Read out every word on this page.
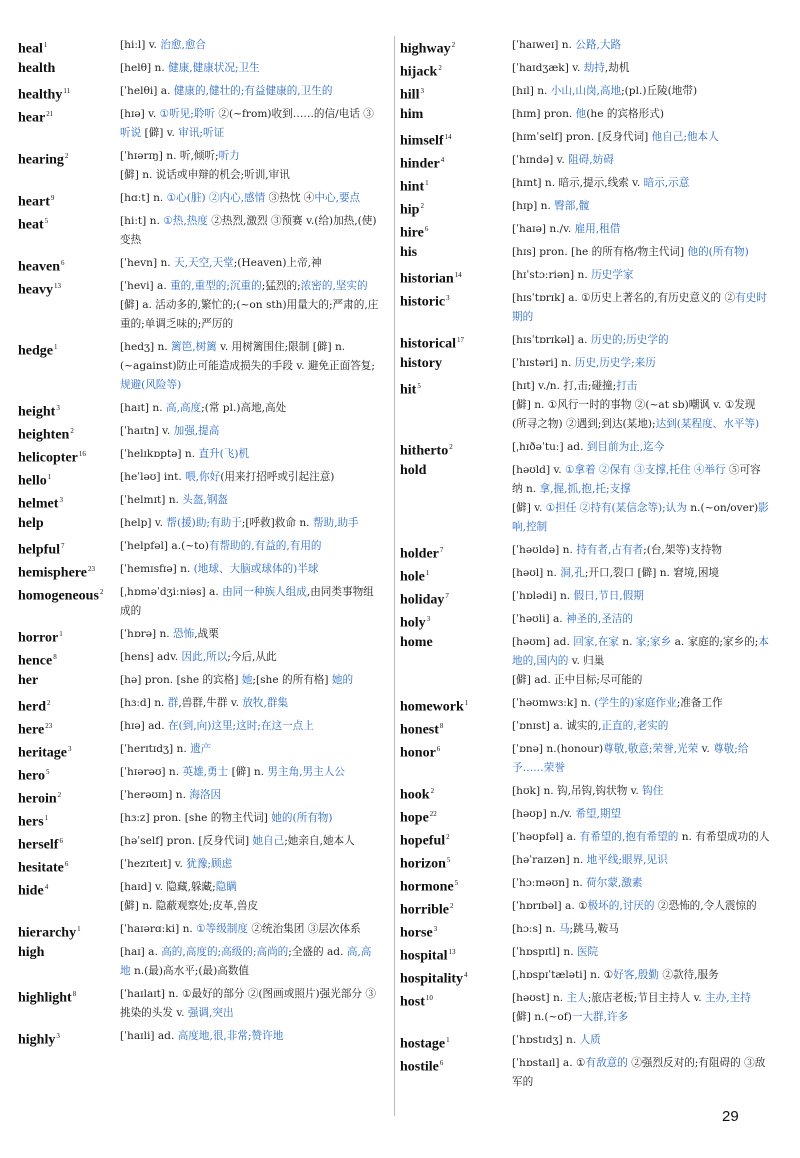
heal$^1$	[hiːl] v. 治愈,愈合
health	[helθ] n. 健康,健康状况;卫生
healthy$^{11}$	[ˈhelθi] a. 健康的,健壮的;有益健康的,卫生的
hear$^{21}$	[hɪə] v. ①听见;聆听 ②(~from)收到……的信/电话 ③听说 [僻] v. 审讯;听证
hearing$^2$	[ˈhɪərɪŋ] n. 听,倾听;听力
[僻] n. 说话或申辩的机会;听训,审讯
heart$^9$	[hɑːt] n. ①心(脏) ②内心,感情 ③热忱 ④中心,要点
heat$^5$	[hiːt] n. ①热,热度 ②热烈,激烈 ③预赛 v.(给)加热,(使)变热
heaven$^6$	[ˈhevn] n. 天,天空,天堂;(Heaven)上帝,神
heavy$^{13}$	[ˈhevi] a. 重的,重型的;沉重的;猛烈的;浓密的,坚实的
[僻] a. 活动多的,繁忙的;(~on sth)用量大的;严肃的,庄重的;单调乏味的;严厉的
hedge$^1$	[hedʒ] n. 篱笆,树篱 v. 用树篱围住;限制 [僻] n.(~against)防止可能造成损失的手段 v. 避免正面答复;规避(风险等)
height$^3$	[haɪt] n. 高,高度;(常 pl.)高地,高处
heighten$^2$	[ˈhaɪtn] v. 加强,提高
helicopter$^{16}$	[ˈhelɪkɒptə] n. 直升(飞)机
hello$^1$	[heˈləʊ] int. 喂,你好(用来打招呼或引起注意)
helmet$^3$	[ˈhelmɪt] n. 头盔,钢盔
help	[help] v. 帮(援)助;有助于;[呼救]救命 n. 帮助,助手
helpful$^7$	[ˈhelpfəl] a.(~to)有帮助的,有益的,有用的
hemisphere$^{23}$	[ˈhemɪsfɪə] n. (地球、大脑或球体的)半球
homogeneous$^2$	[ˌhɒməˈdʒiːniəs] a. 由同一种族人组成,由同类事物组成的
horror$^1$	[ˈhɒrə] n. 恐怖,战栗
hence$^8$	[hens] adv. 因此,所以;今后,从此
her	[hə] pron. [she 的宾格] 她;[she 的所有格] 她的
herd$^2$	[hɜːd] n. 群,兽群,牛群 v. 放牧,群集
here$^{23}$	[hɪə] ad. 在(到,向)这里;这时;在这一点上
heritage$^3$	[ˈherɪtɪdʒ] n. 遗产
hero$^5$	[ˈhɪərəʊ] n. 英雄,勇士 [僻] n. 男主角,男主人公
heroin$^2$	[ˈherəʊɪn] n. 海洛因
hers$^1$	[hɜːz] pron. [she 的物主代词] 她的(所有物)
herself$^6$	[həˈself] pron. [反身代词] 她自己;她亲自,她本人
hesitate$^6$	[ˈhezɪteɪt] v. 犹豫;顾虑
hide$^4$	[haɪd] v. 隐藏,躲藏;隐瞒
[僻] n. 隐蔽观察处;皮革,兽皮
hierarchy$^1$	[ˈhaɪərɑːki] n. ①等级制度 ②统治集团 ③层次体系
high	[haɪ] a. 高的,高度的;高级的;高尚的;全盛的 ad. 高,高地 n.(最)高水平;(最)高数值
highlight$^8$	[ˈhaɪlaɪt] n. ①最好的部分 ②(图画或照片)强光部分 ③挑染的头发 v. 强调,突出
highly$^3$	[ˈhaɪli] ad. 高度地,很,非常;赞许地
highway$^2$	[ˈhaɪweɪ] n. 公路,大路
hijack$^2$	[ˈhaɪdʒæk] v. 劫持,劫机
hill$^3$	[hɪl] n. 小山,山岗,高地;(pl.)丘陵(地带)
him	[hɪm] pron. 他(he 的宾格形式)
himself$^{14}$	[hɪmˈself] pron. [反身代词] 他自己;他本人
hinder$^4$	[ˈhɪndə] v. 阻碍,妨碍
hint$^1$	[hɪnt] n. 暗示,提示,线索 v. 暗示,示意
hip$^2$	[hɪp] n. 臀部,髋
hire$^6$	[ˈhaɪə] n./v. 雇用,租借
his	[hɪs] pron. [he 的所有格/物主代词] 他的(所有物)
historian$^{14}$	[hɪˈstɔːriən] n. 历史学家
historic$^3$	[hɪsˈtɒrɪk] a. ①历史上著名的,有历史意义的 ②有史时期的
historical$^{17}$	[hɪsˈtɒrɪkəl] a. 历史的;历史学的
history	[ˈhɪstəri] n. 历史,历史学;来历
hit$^5$	[hɪt] v./n. 打,击;碰撞;打击
[僻] n. ①风行一时的事物 ②(~at sb)嘲讽 v. ①发现(所寻之物) ②遇到;到达(某地);达到(某程度、水平等)
hitherto$^2$	[ˌhɪðəˈtuː] ad. 到目前为止,迄今
hold	[həʊld] v. ①拿着 ②保有 ③支撑,托住 ④举行 ⑤可容纳 n. 拿,握,抓,抱,托;支撑
[僻] v. ①担任 ②持有(某信念等);认为 n.(~on/over)影响,控制
holder$^7$	[ˈhəʊldə] n. 持有者,占有者;(台,架等)支持物
hole$^1$	[həʊl] n. 洞,孔;开口,裂口 [僻] n. 窘境,困境
holiday$^7$	[ˈhɒlədi] n. 假日,节日,假期
holy$^3$	[ˈhəʊli] a. 神圣的,圣洁的
home	[həʊm] ad. 回家,在家 n. 家;家乡 a. 家庭的;家乡的;本地的,国内的 v. 归巢
[僻] ad. 正中目标;尽可能的
homework$^1$	[ˈhəʊmwɜːk] n. (学生的)家庭作业;准备工作
honest$^8$	[ˈɒnɪst] a. 诚实的,正直的,老实的
honor$^6$	[ˈɒnə] n.(honour)尊敬,敬意;荣誉,光荣 v. 尊敬;给予……荣誉
hook$^2$	[hʊk] n. 钩,吊钩,钩状物 v. 钩住
hope$^{22}$	[həʊp] n./v. 希望,期望
hopeful$^2$	[ˈhəʊpfəl] a. 有希望的,抱有希望的 n. 有希望成功的人
horizon$^5$	[həˈraɪzən] n. 地平线;眼界,见识
hormone$^5$	[ˈhɔːməʊn] n. 荷尔蒙,激素
horrible$^2$	[ˈhɒrɪbəl] a. ①极坏的,讨厌的 ②恐怖的,令人震惊的
horse$^3$	[hɔːs] n. 马;跳马,鞍马
hospital$^{13}$	[ˈhɒspɪtl] n. 医院
hospitality$^4$	[ˌhɒspɪˈtæləti] n. ①好客,殷勤 ②款待,服务
host$^{10}$	[həʊst] n. 主人;旅店老板;节目主持人 v. 主办,主持 [僻] n.(~of)一大群,许多
hostage$^1$	[ˈhɒstɪdʒ] n. 人质
hostile$^6$	[ˈhɒstaɪl] a. ①有敌意的 ②强烈反对的;有阻碍的 ③敌军的
29
